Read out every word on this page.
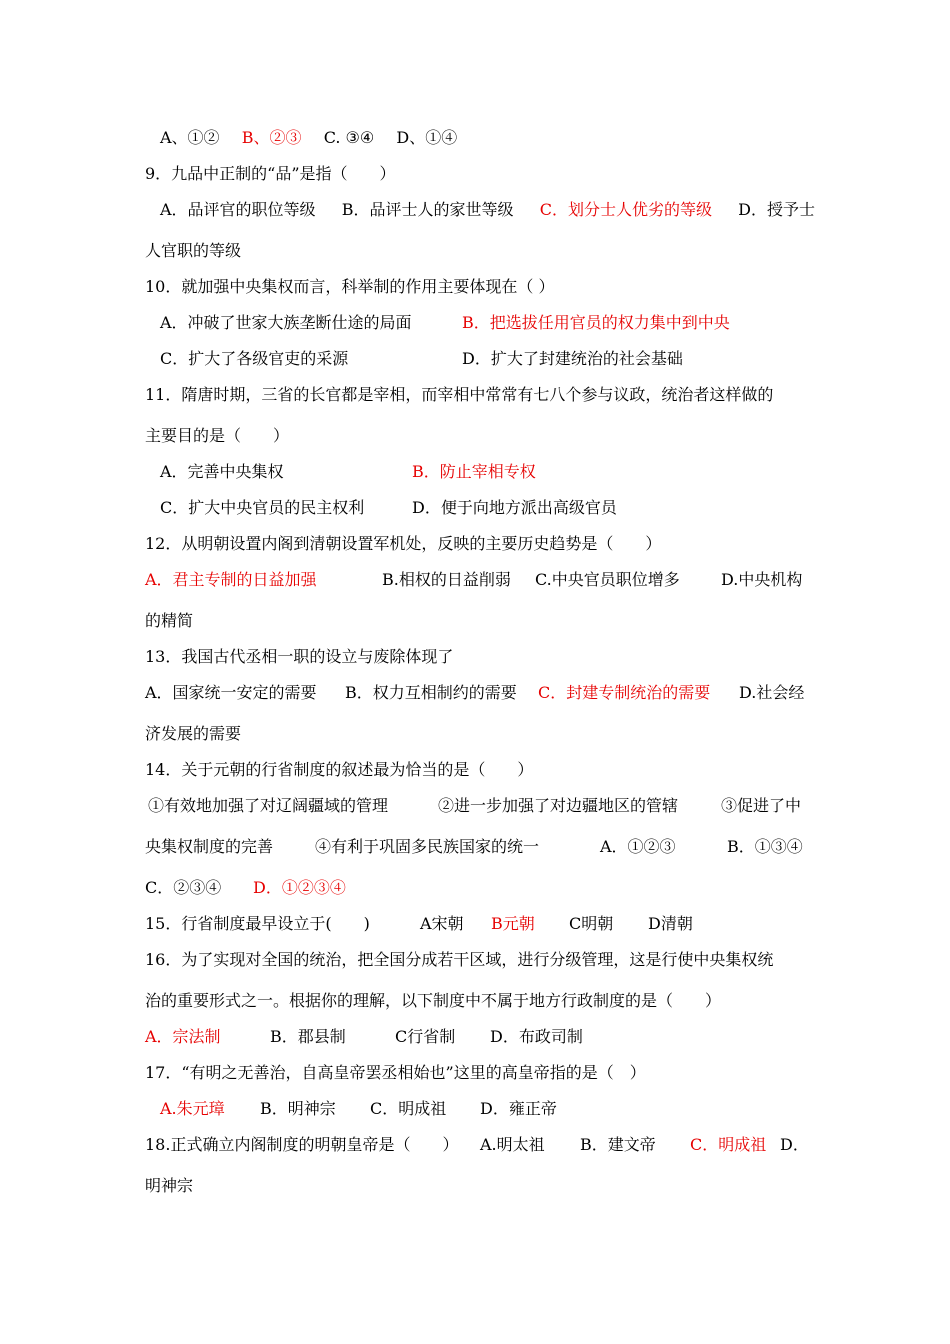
A、①② B、②③ C. ③④ D、①④
9．九品中正制的“品”是指（　　）
A．品评官的职位等级 B．品评士人的家世等级 C．划分士人优劣的等级 D．授予士
人官职的等级
10．就加强中央集权而言，科举制的作用主要体现在（ ）
A．冲破了世家大族垄断仕途的局面	B．把选拔任用官员的权力集中到中央
C．扩大了各级官吏的采源	D．扩大了封建统治的社会基础
11．隋唐时期，三省的长官都是宰相，而宰相中常常有七八个参与议政，统治者这样做的
主要目的是（　　）
A．完善中央集权	B．防止宰相专权
C．扩大中央官员的民主权利	D．便于向地方派出高级官员
12．从明朝设置内阁到清朝设置军机处，反映的主要历史趋势是（　　）
A．君主专制的日益加强	B.相权的日益削弱 C.中央官员职位增多	D.中央机构
的精简
13．我国古代丞相一职的设立与废除体现了
A．国家统一安定的需要 B．权力互相制约的需要 C．封建专制统治的需要 D.社会经
济发展的需要
14．关于元朝的行省制度的叙述最为恰当的是（　　）
①有效地加强了对辽阔疆域的管理	②进一步加强了对边疆地区的管辖	③促进了中
央集权制度的完善	④有利于巩固多民族国家的统一	A．①②③	B．①③④
C．②③④ D．①②③④
15．行省制度最早设立于(　　)	A宋朝 B元朝 C明朝 D清朝
16．为了实现对全国的统治，把全国分成若干区域，进行分级管理，这是行使中央集权统
治的重要形式之一。根据你的理解，以下制度中不属于地方行政制度的是（　　）
A．宗法制	B．郡县制	C行省制 D．布政司制
17．“有明之无善治，自高皇帝罢丞相始也”这里的高皇帝指的是（　）
A.朱元璋 B．明神宗 C．明成祖 D．雍正帝
18.正式确立内阁制度的明朝皇帝是（　　） A.明太祖 B．建文帝 C．明成祖 D．
明神宗
